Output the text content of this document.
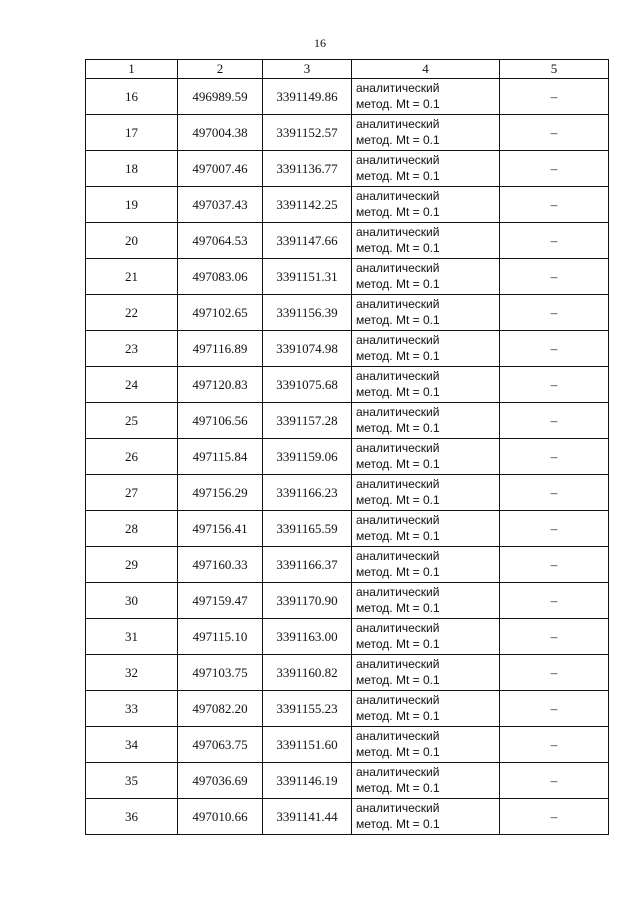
16
1	2	3	4	5
16	496989.59	3391149.86	аналитический
метод. Mt = 0.1	–
17	497004.38	3391152.57	аналитический
метод. Mt = 0.1	–
18	497007.46	3391136.77	аналитический
метод. Mt = 0.1	–
19	497037.43	3391142.25	аналитический
метод. Mt = 0.1	–
20	497064.53	3391147.66	аналитический
метод. Mt = 0.1	–
21	497083.06	3391151.31	аналитический
метод. Mt = 0.1	–
22	497102.65	3391156.39	аналитический
метод. Mt = 0.1	–
23	497116.89	3391074.98	аналитический
метод. Mt = 0.1	–
24	497120.83	3391075.68	аналитический
метод. Mt = 0.1	–
25	497106.56	3391157.28	аналитический
метод. Mt = 0.1	–
26	497115.84	3391159.06	аналитический
метод. Mt = 0.1	–
27	497156.29	3391166.23	аналитический
метод. Mt = 0.1	–
28	497156.41	3391165.59	аналитический
метод. Mt = 0.1	–
29	497160.33	3391166.37	аналитический
метод. Mt = 0.1	–
30	497159.47	3391170.90	аналитический
метод. Mt = 0.1	–
31	497115.10	3391163.00	аналитический
метод. Mt = 0.1	–
32	497103.75	3391160.82	аналитический
метод. Mt = 0.1	–
33	497082.20	3391155.23	аналитический
метод. Mt = 0.1	–
34	497063.75	3391151.60	аналитический
метод. Mt = 0.1	–
35	497036.69	3391146.19	аналитический
метод. Mt = 0.1	–
36	497010.66	3391141.44	аналитический
метод. Mt = 0.1	–
